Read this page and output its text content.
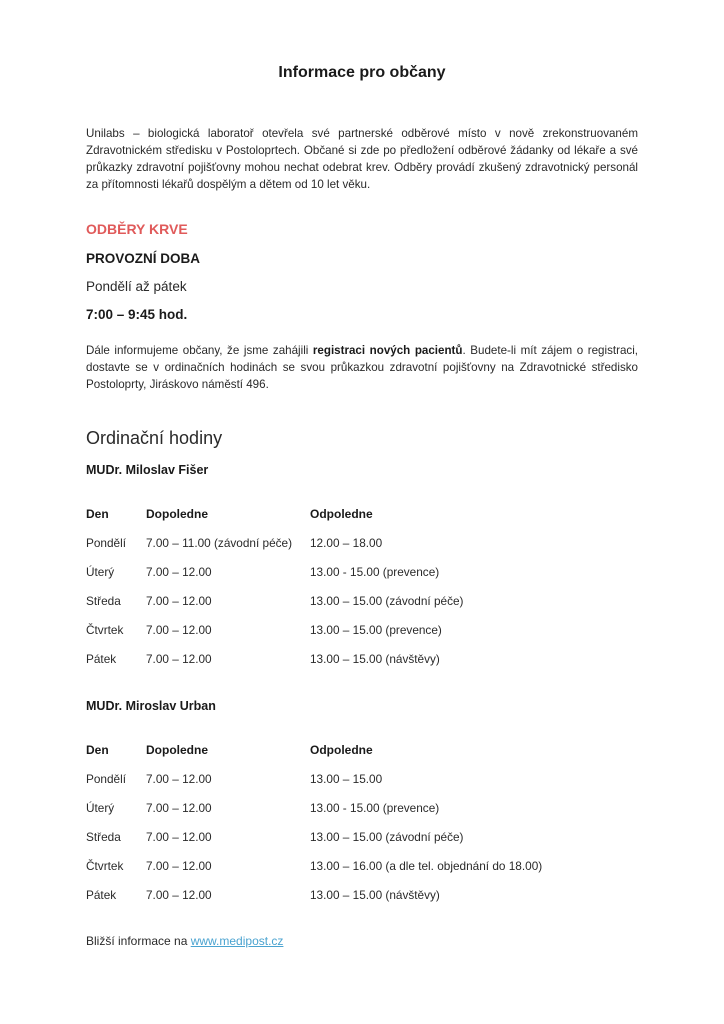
Informace pro občany
Unilabs – biologická laboratoř otevřela své partnerské odběrové místo v nově zrekonstruovaném Zdravotnickém středisku v Postoloprtech. Občané si zde po předložení odběrové žádanky od lékaře a své průkazky zdravotní pojišťovny mohou nechat odebrat krev. Odběry provádí zkušený zdravotnický personál za přítomnosti lékařů dospělým a dětem od 10 let věku.
ODBĚRY KRVE
PROVOZNÍ DOBA
Pondělí až pátek
7:00 – 9:45 hod.
Dále informujeme občany, že jsme zahájili registraci nových pacientů. Budete-li mít zájem o registraci, dostavte se v ordinačních hodinách se svou průkazkou zdravotní pojišťovny na Zdravotnické středisko Postoloprty, Jiráskovo náměstí 496.
Ordinační hodiny
MUDr. Miloslav Fišer
Den	Dopoledne	Odpoledne
Pondělí	7.00 – 11.00 (závodní péče)	12.00 – 18.00
Úterý	7.00 – 12.00	13.00 - 15.00 (prevence)
Středa	7.00 – 12.00	13.00 – 15.00 (závodní péče)
Čtvrtek	7.00 – 12.00	13.00 – 15.00 (prevence)
Pátek	7.00 – 12.00	13.00 – 15.00 (návštěvy)
MUDr. Miroslav Urban
Den	Dopoledne	Odpoledne
Pondělí	7.00 – 12.00	13.00 – 15.00
Úterý	7.00 – 12.00	13.00 - 15.00 (prevence)
Středa	7.00 – 12.00	13.00 – 15.00 (závodní péče)
Čtvrtek	7.00 – 12.00	13.00 – 16.00 (a dle tel. objednání do 18.00)
Pátek	7.00 – 12.00	13.00 – 15.00 (návštěvy)
Bližší informace na www.medipost.cz
